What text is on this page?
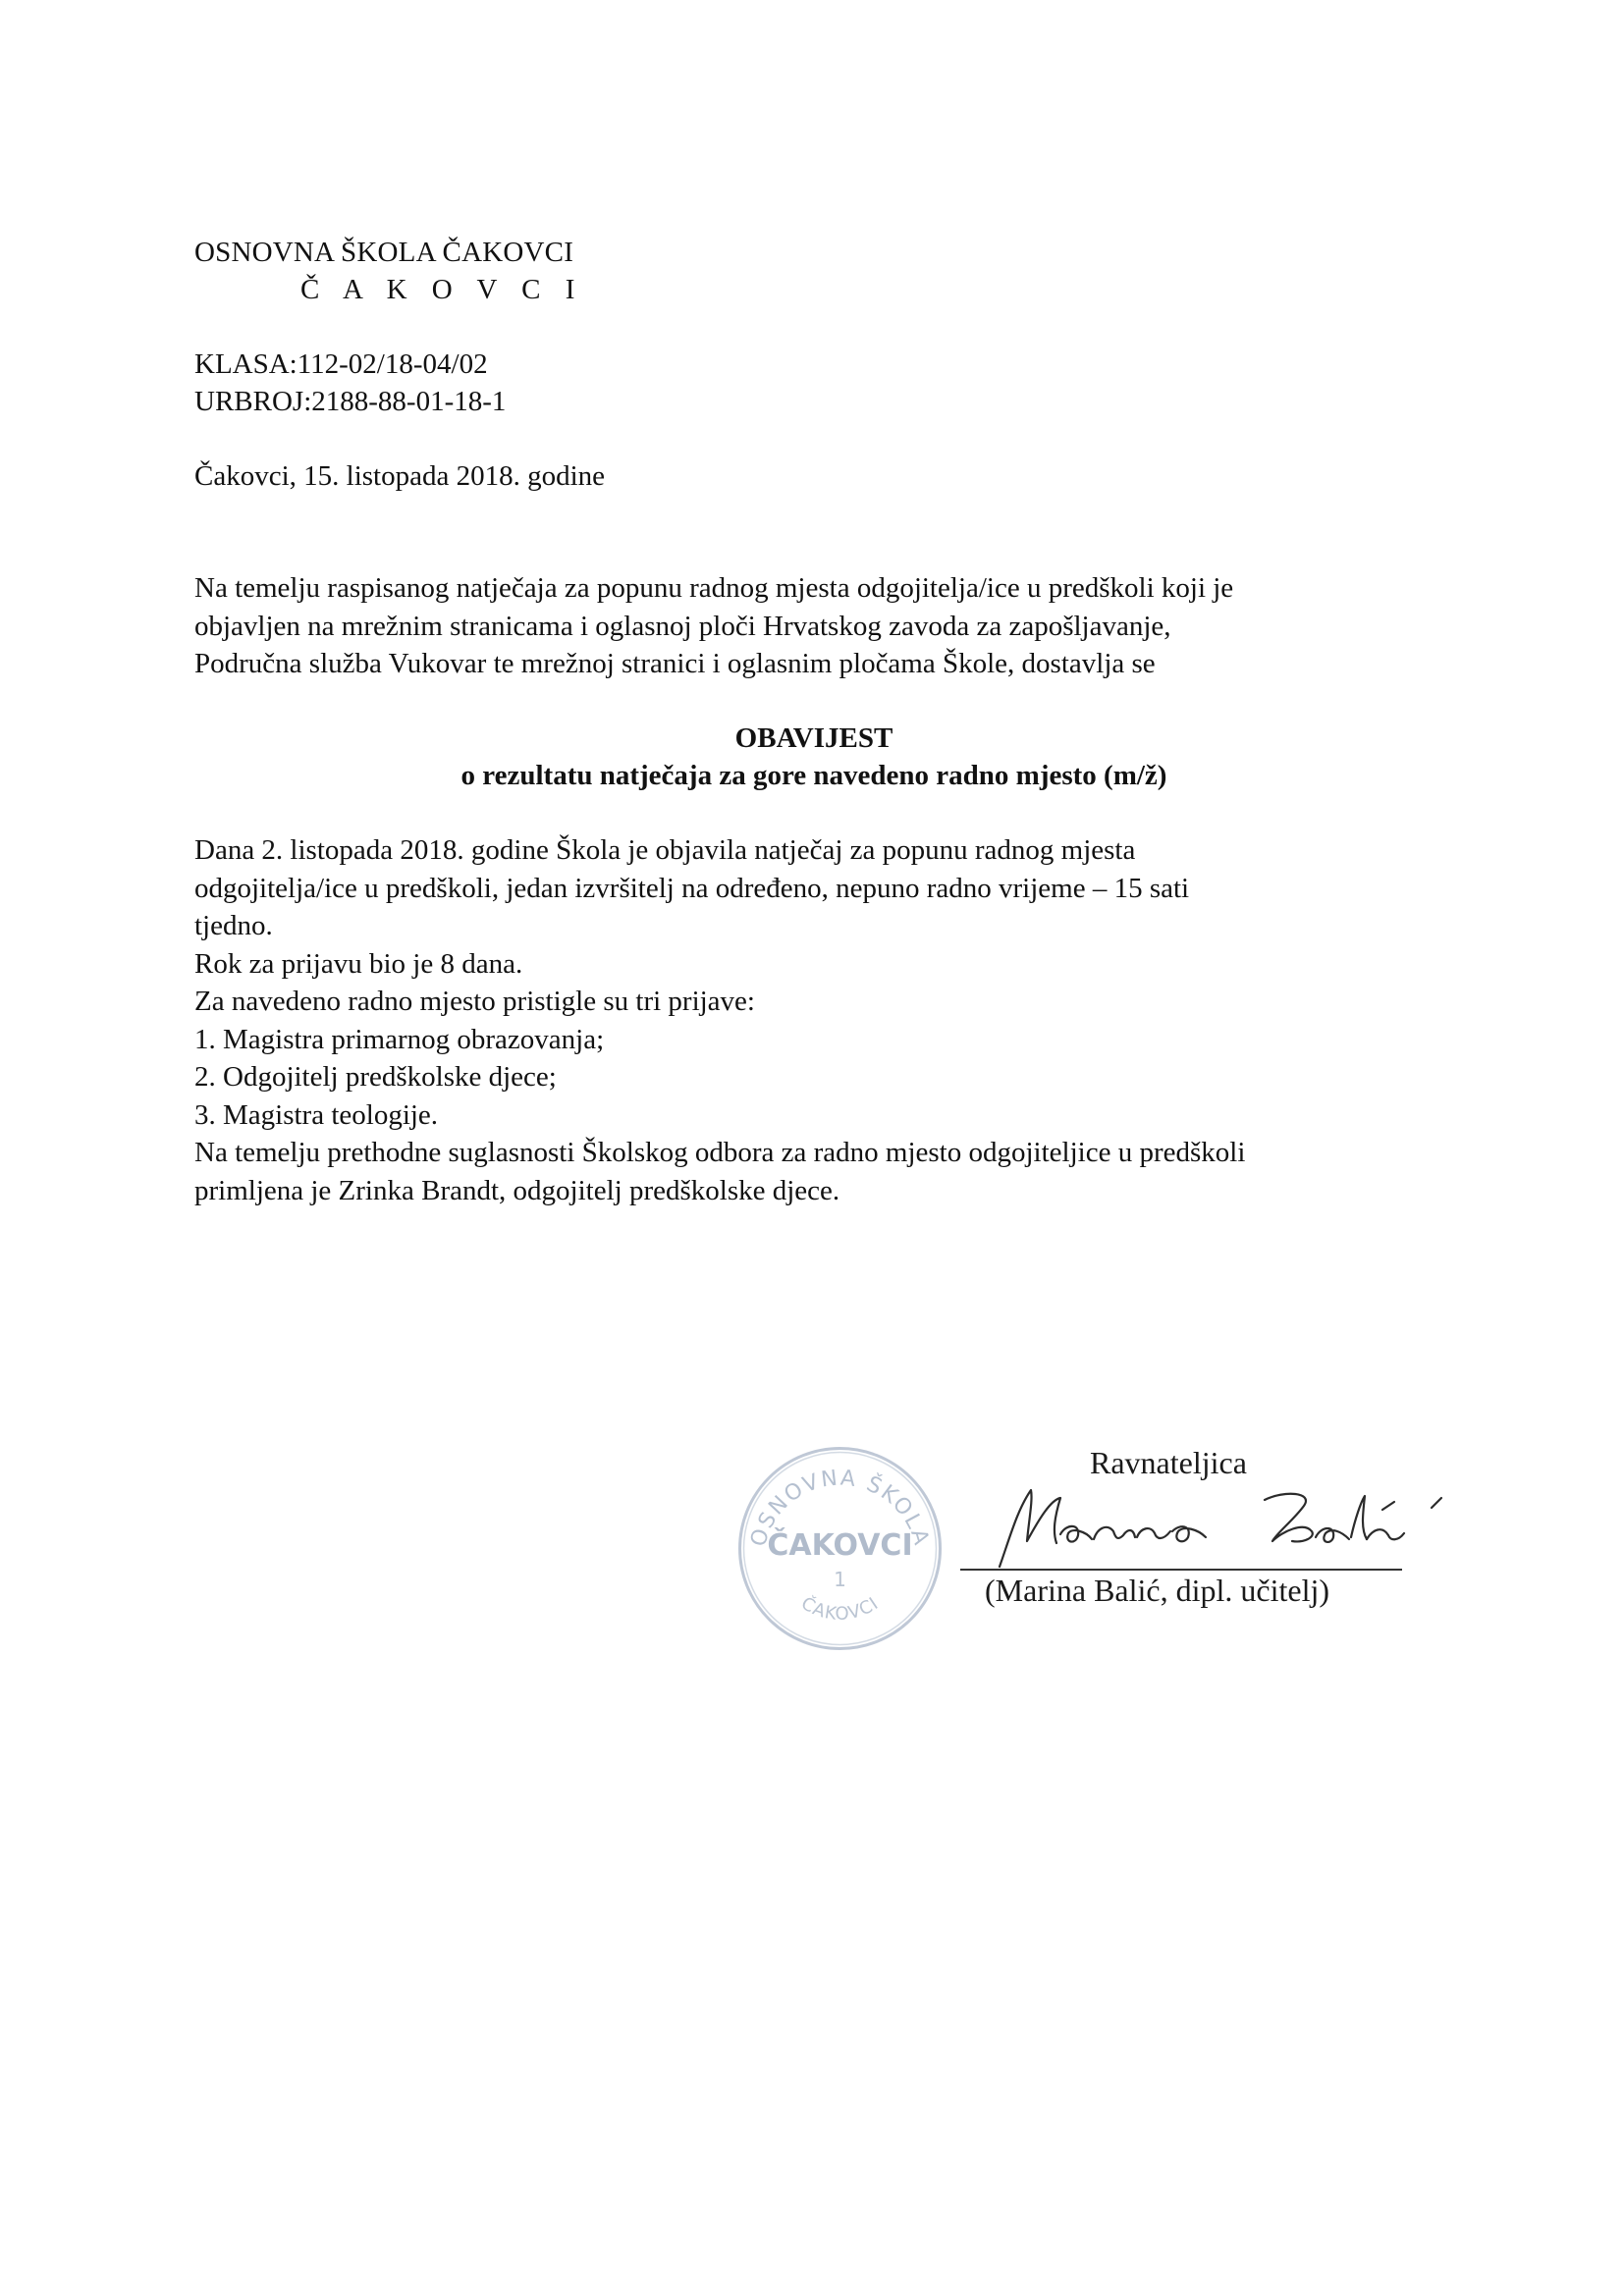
OSNOVNA ŠKOLA ČAKOVCI
Č A K O V C I
KLASA:112-02/18-04/02
URBROJ:2188-88-01-18-1
Čakovci, 15. listopada 2018. godine

Na temelju raspisanog natječaja za popunu radnog mjesta odgojitelja/ice u predškoli koji je

objavljen na mrežnim stranicama i oglasnoj ploči Hrvatskog zavoda za zapošljavanje,

Područna služba Vukovar te mrežnoj stranici i oglasnim pločama Škole, dostavlja se

OBAVIJEST
o rezultatu natječaja za gore navedeno radno mjesto (m/ž)

Dana 2. listopada 2018. godine Škola je objavila natječaj za popunu radnog mjesta

odgojitelja/ice u predškoli, jedan izvršitelj na određeno, nepuno radno vrijeme – 15 sati

tjedno.

Rok za prijavu bio je 8 dana.

Za navedeno radno mjesto pristigle su tri prijave:

1. Magistra primarnog obrazovanja;

2. Odgojitelj predškolske djece;

3. Magistra teologije.

Na temelju prethodne suglasnosti Školskog odbora za radno mjesto odgojiteljice u predškoli

primljena je Zrinka Brandt, odgojitelj predškolske djece.

OSNOVNA ŠKOLA
ČAKOVCI
1
ČAKOVCI
Ravnateljica
(Marina Balić, dipl. učitelj)
